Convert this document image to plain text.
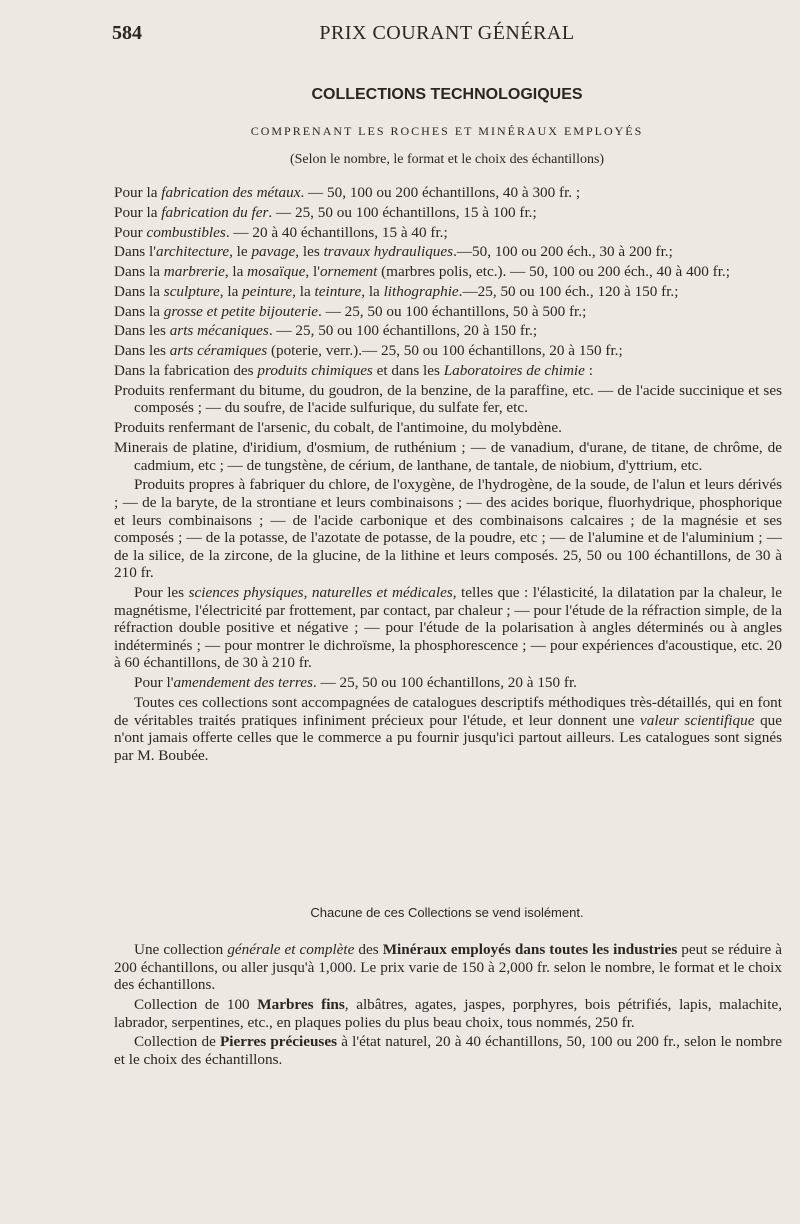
584	PRIX COURANT GÉNÉRAL
COLLECTIONS TECHNOLOGIQUES
COMPRENANT LES ROCHES ET MINÉRAUX EMPLOYÉS
(Selon le nombre, le format et le choix des échantillons)

Pour la fabrication des métaux. — 50, 100 ou 200 échantillons, 40 à 300 fr. ;

Pour la fabrication du fer. — 25, 50 ou 100 échantillons, 15 à 100 fr.;

Pour combustibles. — 20 à 40 échantillons, 15 à 40 fr.;

Dans l'architecture, le pavage, les travaux hydrauliques.—50, 100 ou 200 éch., 30 à 200 fr.;

Dans la marbrerie, la mosaïque, l'ornement (marbres polis, etc.). — 50, 100 ou 200 éch., 40 à 400 fr.;

Dans la sculpture, la peinture, la teinture, la lithographie.—25, 50 ou 100 éch., 120 à 150 fr.;

Dans la grosse et petite bijouterie. — 25, 50 ou 100 échantillons, 50 à 500 fr.;

Dans les arts mécaniques. — 25, 50 ou 100 échantillons, 20 à 150 fr.;

Dans les arts céramiques (poterie, verr.).— 25, 50 ou 100 échantillons, 20 à 150 fr.;

Dans la fabrication des produits chimiques et dans les Laboratoires de chimie :

Produits renfermant du bitume, du goudron, de la benzine, de la paraffine, etc. — de l'acide succinique et ses composés ; — du soufre, de l'acide sulfurique, du sulfate fer, etc.

Produits renfermant de l'arsenic, du cobalt, de l'antimoine, du molybdène.

Minerais de platine, d'iridium, d'osmium, de ruthénium ; — de vanadium, d'urane, de titane, de chrôme, de cadmium, etc ; — de tungstène, de cérium, de lanthane, de tantale, de niobium, d'yttrium, etc.

Produits propres à fabriquer du chlore, de l'oxygène, de l'hydrogène, de la soude, de l'alun et leurs dérivés ; — de la baryte, de la strontiane et leurs combinaisons ; — des acides borique, fluorhydrique, phosphorique et leurs combinaisons ; — de l'acide carbonique et des combinaisons calcaires ; de la magnésie et ses composés ; — de la potasse, de l'azotate de potasse, de la poudre, etc ; — de l'alumine et de l'aluminium ; — de la silice, de la zircone, de la glucine, de la lithine et leurs composés. 25, 50 ou 100 échantillons, de 30 à 210 fr.

Pour les sciences physiques, naturelles et médicales, telles que : l'élasticité, la dilatation par la chaleur, le magnétisme, l'électricité par frottement, par contact, par chaleur ; — pour l'étude de la réfraction simple, de la réfraction double positive et négative ; — pour l'étude de la polarisation à angles déterminés ou à angles indéterminés ; — pour montrer le dichroïsme, la phosphorescence ; — pour expériences d'acoustique, etc. 20 à 60 échantillons, de 30 à 210 fr.

Pour l'amendement des terres. — 25, 50 ou 100 échantillons, 20 à 150 fr.

Toutes ces collections sont accompagnées de catalogues descriptifs méthodiques très-détaillés, qui en font de véritables traités pratiques infiniment précieux pour l'étude, et leur donnent une valeur scientifique que n'ont jamais offerte celles que le commerce a pu fournir jusqu'ici partout ailleurs. Les catalogues sont signés par M. Boubée.

Chacune de ces Collections se vend isolément.

Une collection générale et complète des Minéraux employés dans toutes les industries peut se réduire à 200 échantillons, ou aller jusqu'à 1,000. Le prix varie de 150 à 2,000 fr. selon le nombre, le format et le choix des échantillons.

Collection de 100 Marbres fins, albâtres, agates, jaspes, porphyres, bois pétrifiés, lapis, malachite, labrador, serpentines, etc., en plaques polies du plus beau choix, tous nommés, 250 fr.

Collection de Pierres précieuses à l'état naturel, 20 à 40 échantillons, 50, 100 ou 200 fr., selon le nombre et le choix des échantillons.
